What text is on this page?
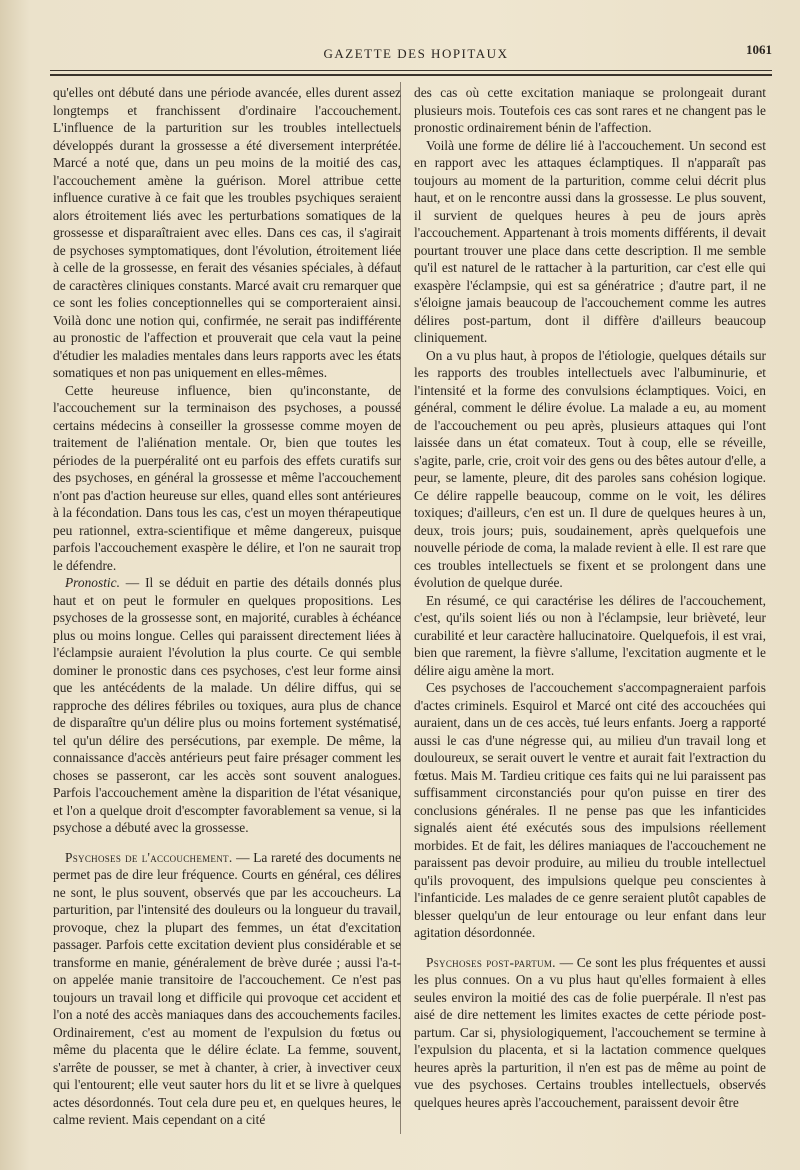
GAZETTE DES HOPITAUX	1061

qu'elles ont débuté dans une période avancée, elles durent assez longtemps et franchissent d'ordinaire l'accouchement. L'influence de la parturition sur les troubles intellectuels développés durant la grossesse a été diversement interprétée. Marcé a noté que, dans un peu moins de la moitié des cas, l'accouchement amène la guérison. Morel attribue cette influence curative à ce fait que les troubles psychiques seraient alors étroitement liés avec les perturbations somatiques de la grossesse et disparaîtraient avec elles. Dans ces cas, il s'agirait de psychoses symptomatiques, dont l'évolution, étroitement liée à celle de la grossesse, en ferait des vésanies spéciales, à défaut de caractères cliniques constants. Marcé avait cru remarquer que ce sont les folies conceptionnelles qui se comporteraient ainsi. Voilà donc une notion qui, confirmée, ne serait pas indifférente au pronostic de l'affection et prouverait que cela vaut la peine d'étudier les maladies mentales dans leurs rapports avec les états somatiques et non pas uniquement en elles-mêmes.

Cette heureuse influence, bien qu'inconstante, de l'accouchement sur la terminaison des psychoses, a poussé certains médecins à conseiller la grossesse comme moyen de traitement de l'aliénation mentale. Or, bien que toutes les périodes de la puerpéralité ont eu parfois des effets curatifs sur des psychoses, en général la grossesse et même l'accouchement n'ont pas d'action heureuse sur elles, quand elles sont antérieures à la fécondation. Dans tous les cas, c'est un moyen thérapeutique peu rationnel, extra-scientifique et même dangereux, puisque parfois l'accouchement exaspère le délire, et l'on ne saurait trop le défendre.

Pronostic. — Il se déduit en partie des détails donnés plus haut et on peut le formuler en quelques propositions. Les psychoses de la grossesse sont, en majorité, curables à échéance plus ou moins longue. Celles qui paraissent directement liées à l'éclampsie auraient l'évolution la plus courte. Ce qui semble dominer le pronostic dans ces psychoses, c'est leur forme ainsi que les antécédents de la malade. Un délire diffus, qui se rapproche des délires fébriles ou toxiques, aura plus de chance de disparaître qu'un délire plus ou moins fortement systématisé, tel qu'un délire des persécutions, par exemple. De même, la connaissance d'accès antérieurs peut faire présager comment les choses se passeront, car les accès sont souvent analogues. Parfois l'accouchement amène la disparition de l'état vésanique, et l'on a quelque droit d'escompter favorablement sa venue, si la psychose a débuté avec la grossesse.

Psychoses de l'accouchement. — La rareté des documents ne permet pas de dire leur fréquence. Courts en général, ces délires ne sont, le plus souvent, observés que par les accoucheurs. La parturition, par l'intensité des douleurs ou la longueur du travail, provoque, chez la plupart des femmes, un état d'excitation passager. Parfois cette excitation devient plus considérable et se transforme en manie, généralement de brève durée ; aussi l'a-t-on appelée manie transitoire de l'accouchement. Ce n'est pas toujours un travail long et difficile qui provoque cet accident et l'on a noté des accès maniaques dans des accouchements faciles. Ordinairement, c'est au moment de l'expulsion du fœtus ou même du placenta que le délire éclate. La femme, souvent, s'arrête de pousser, se met à chanter, à crier, à invectiver ceux qui l'entourent; elle veut sauter hors du lit et se livre à quelques actes désordonnés. Tout cela dure peu et, en quelques heures, le calme revient. Mais cependant on a cité

des cas où cette excitation maniaque se prolongeait durant plusieurs mois. Toutefois ces cas sont rares et ne changent pas le pronostic ordinairement bénin de l'affection.

Voilà une forme de délire lié à l'accouchement. Un second est en rapport avec les attaques éclamptiques. Il n'apparaît pas toujours au moment de la parturition, comme celui décrit plus haut, et on le rencontre aussi dans la grossesse. Le plus souvent, il survient de quelques heures à peu de jours après l'accouchement. Appartenant à trois moments différents, il devait pourtant trouver une place dans cette description. Il me semble qu'il est naturel de le rattacher à la parturition, car c'est elle qui exaspère l'éclampsie, qui est sa génératrice ; d'autre part, il ne s'éloigne jamais beaucoup de l'accouchement comme les autres délires post-partum, dont il diffère d'ailleurs beaucoup cliniquement.

On a vu plus haut, à propos de l'étiologie, quelques détails sur les rapports des troubles intellectuels avec l'albuminurie, et l'intensité et la forme des convulsions éclamptiques. Voici, en général, comment le délire évolue. La malade a eu, au moment de l'accouchement ou peu après, plusieurs attaques qui l'ont laissée dans un état comateux. Tout à coup, elle se réveille, s'agite, parle, crie, croit voir des gens ou des bêtes autour d'elle, a peur, se lamente, pleure, dit des paroles sans cohésion logique. Ce délire rappelle beaucoup, comme on le voit, les délires toxiques; d'ailleurs, c'en est un. Il dure de quelques heures à un, deux, trois jours; puis, soudainement, après quelquefois une nouvelle période de coma, la malade revient à elle. Il est rare que ces troubles intellectuels se fixent et se prolongent dans une évolution de quelque durée.

En résumé, ce qui caractérise les délires de l'accouchement, c'est, qu'ils soient liés ou non à l'éclampsie, leur brièveté, leur curabilité et leur caractère hallucinatoire. Quelquefois, il est vrai, bien que rarement, la fièvre s'allume, l'excitation augmente et le délire aigu amène la mort.

Ces psychoses de l'accouchement s'accompagneraient parfois d'actes criminels. Esquirol et Marcé ont cité des accouchées qui auraient, dans un de ces accès, tué leurs enfants. Joerg a rapporté aussi le cas d'une négresse qui, au milieu d'un travail long et douloureux, se serait ouvert le ventre et aurait fait l'extraction du fœtus. Mais M. Tardieu critique ces faits qui ne lui paraissent pas suffisamment circonstanciés pour qu'on puisse en tirer des conclusions générales. Il ne pense pas que les infanticides signalés aient été exécutés sous des impulsions réellement morbides. Et de fait, les délires maniaques de l'accouchement ne paraissent pas devoir produire, au milieu du trouble intellectuel qu'ils provoquent, des impulsions quelque peu conscientes à l'infanticide. Les malades de ce genre seraient plutôt capables de blesser quelqu'un de leur entourage ou leur enfant dans leur agitation désordonnée.

Psychoses post-partum. — Ce sont les plus fréquentes et aussi les plus connues. On a vu plus haut qu'elles formaient à elles seules environ la moitié des cas de folie puerpérale. Il n'est pas aisé de dire nettement les limites exactes de cette période post-partum. Car si, physiologiquement, l'accouchement se termine à l'expulsion du placenta, et si la lactation commence quelques heures après la parturition, il n'en est pas de même au point de vue des psychoses. Certains troubles intellectuels, observés quelques heures après l'accouchement, paraissent devoir être
